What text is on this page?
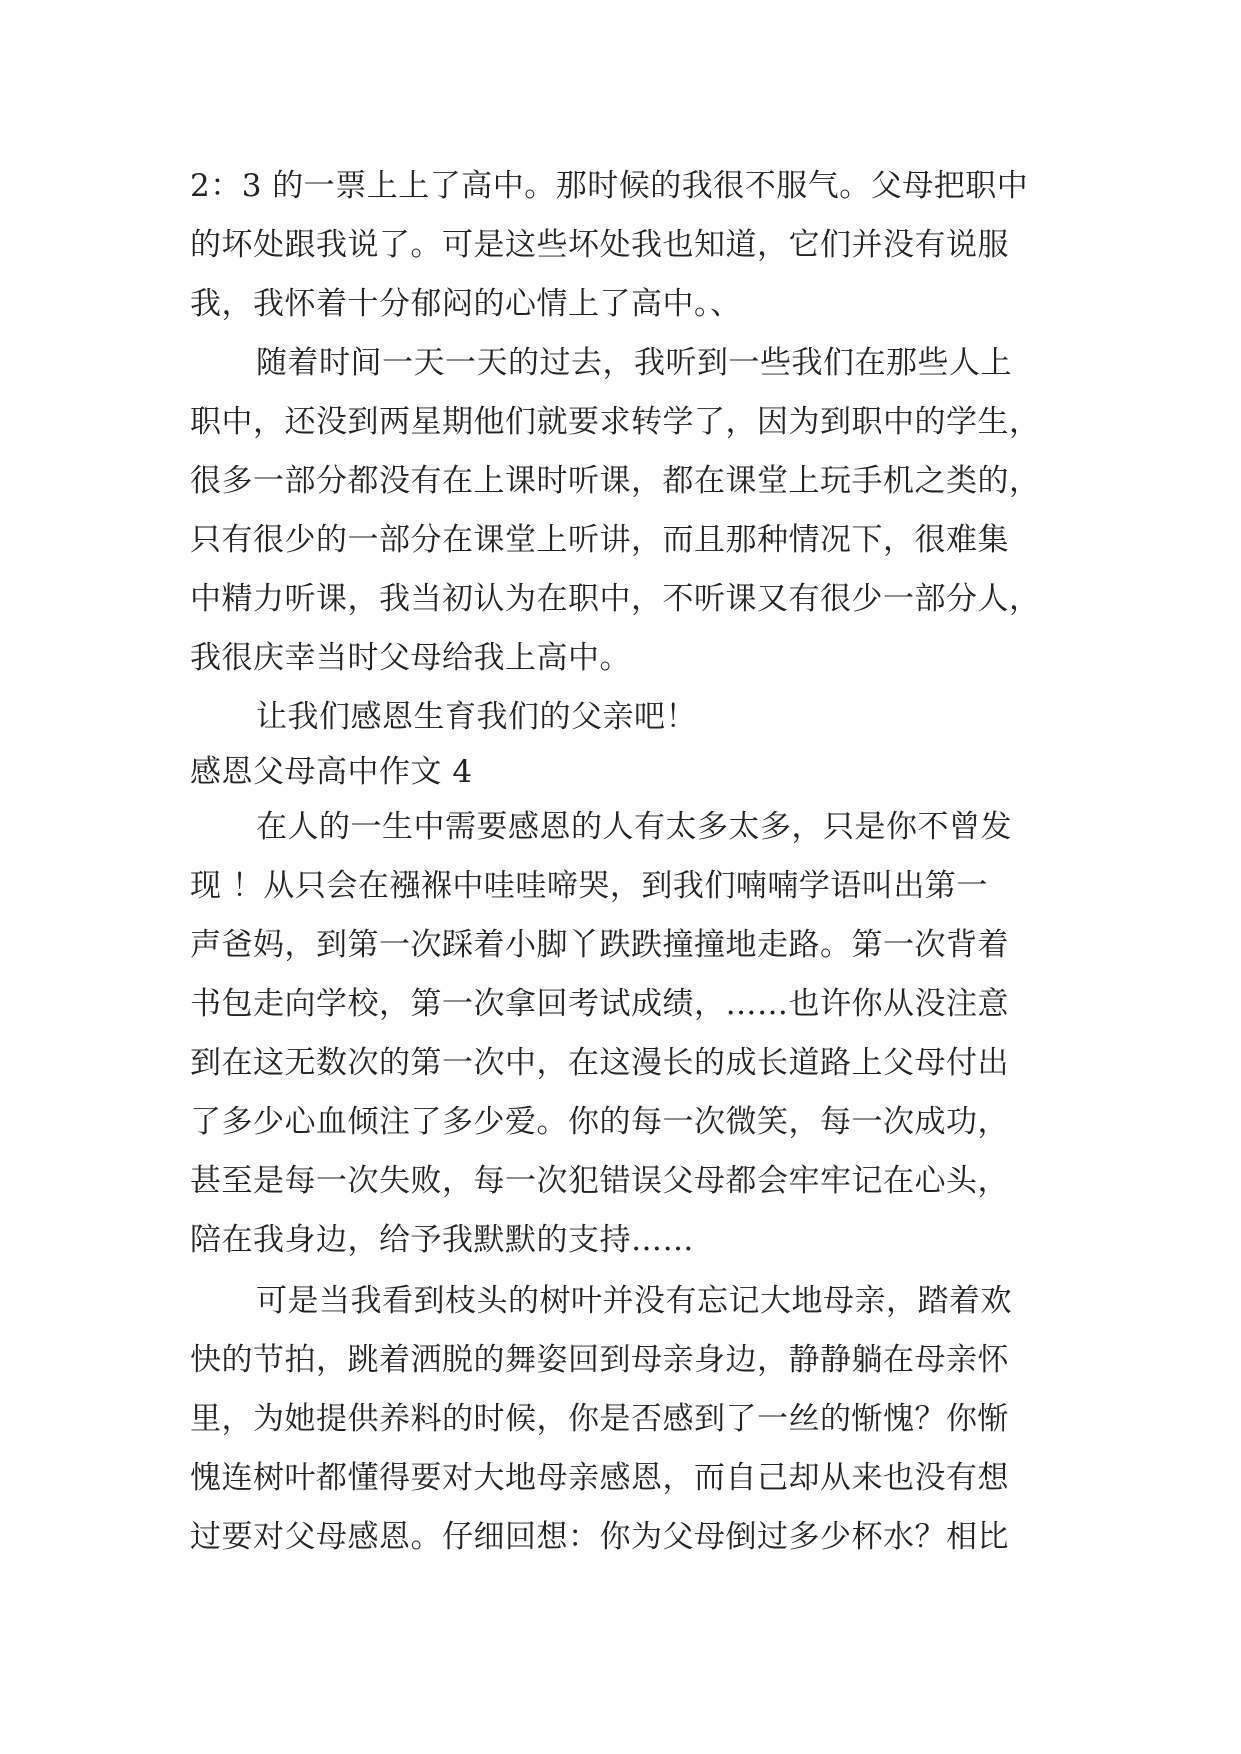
2：3 的一票上上了高中。那时候的我很不服气。父母把职中
的坏处跟我说了。可是这些坏处我也知道，它们并没有说服
我，我怀着十分郁闷的心情上了高中。、
随着时间一天一天的过去，我听到一些我们在那些人上
职中，还没到两星期他们就要求转学了，因为到职中的学生，
很多一部分都没有在上课时听课，都在课堂上玩手机之类的，
只有很少的一部分在课堂上听讲，而且那种情况下，很难集
中精力听课，我当初认为在职中，不听课又有很少一部分人，
我很庆幸当时父母给我上高中。
让我们感恩生育我们的父亲吧！
感恩父母高中作文 4
在人的一生中需要感恩的人有太多太多，只是你不曾发
现 ！从只会在襁褓中哇哇啼哭，到我们喃喃学语叫出第一
声爸妈，到第一次踩着小脚丫跌跌撞撞地走路。第一次背着
书包走向学校，第一次拿回考试成绩，……也许你从没注意
到在这无数次的第一次中，在这漫长的成长道路上父母付出
了多少心血倾注了多少爱。你的每一次微笑，每一次成功，
甚至是每一次失败，每一次犯错误父母都会牢牢记在心头，
陪在我身边，给予我默默的支持……
可是当我看到枝头的树叶并没有忘记大地母亲，踏着欢
快的节拍，跳着洒脱的舞姿回到母亲身边，静静躺在母亲怀
里，为她提供养料的时候，你是否感到了一丝的惭愧？你惭
愧连树叶都懂得要对大地母亲感恩，而自己却从来也没有想
过要对父母感恩。仔细回想：你为父母倒过多少杯水？相比
